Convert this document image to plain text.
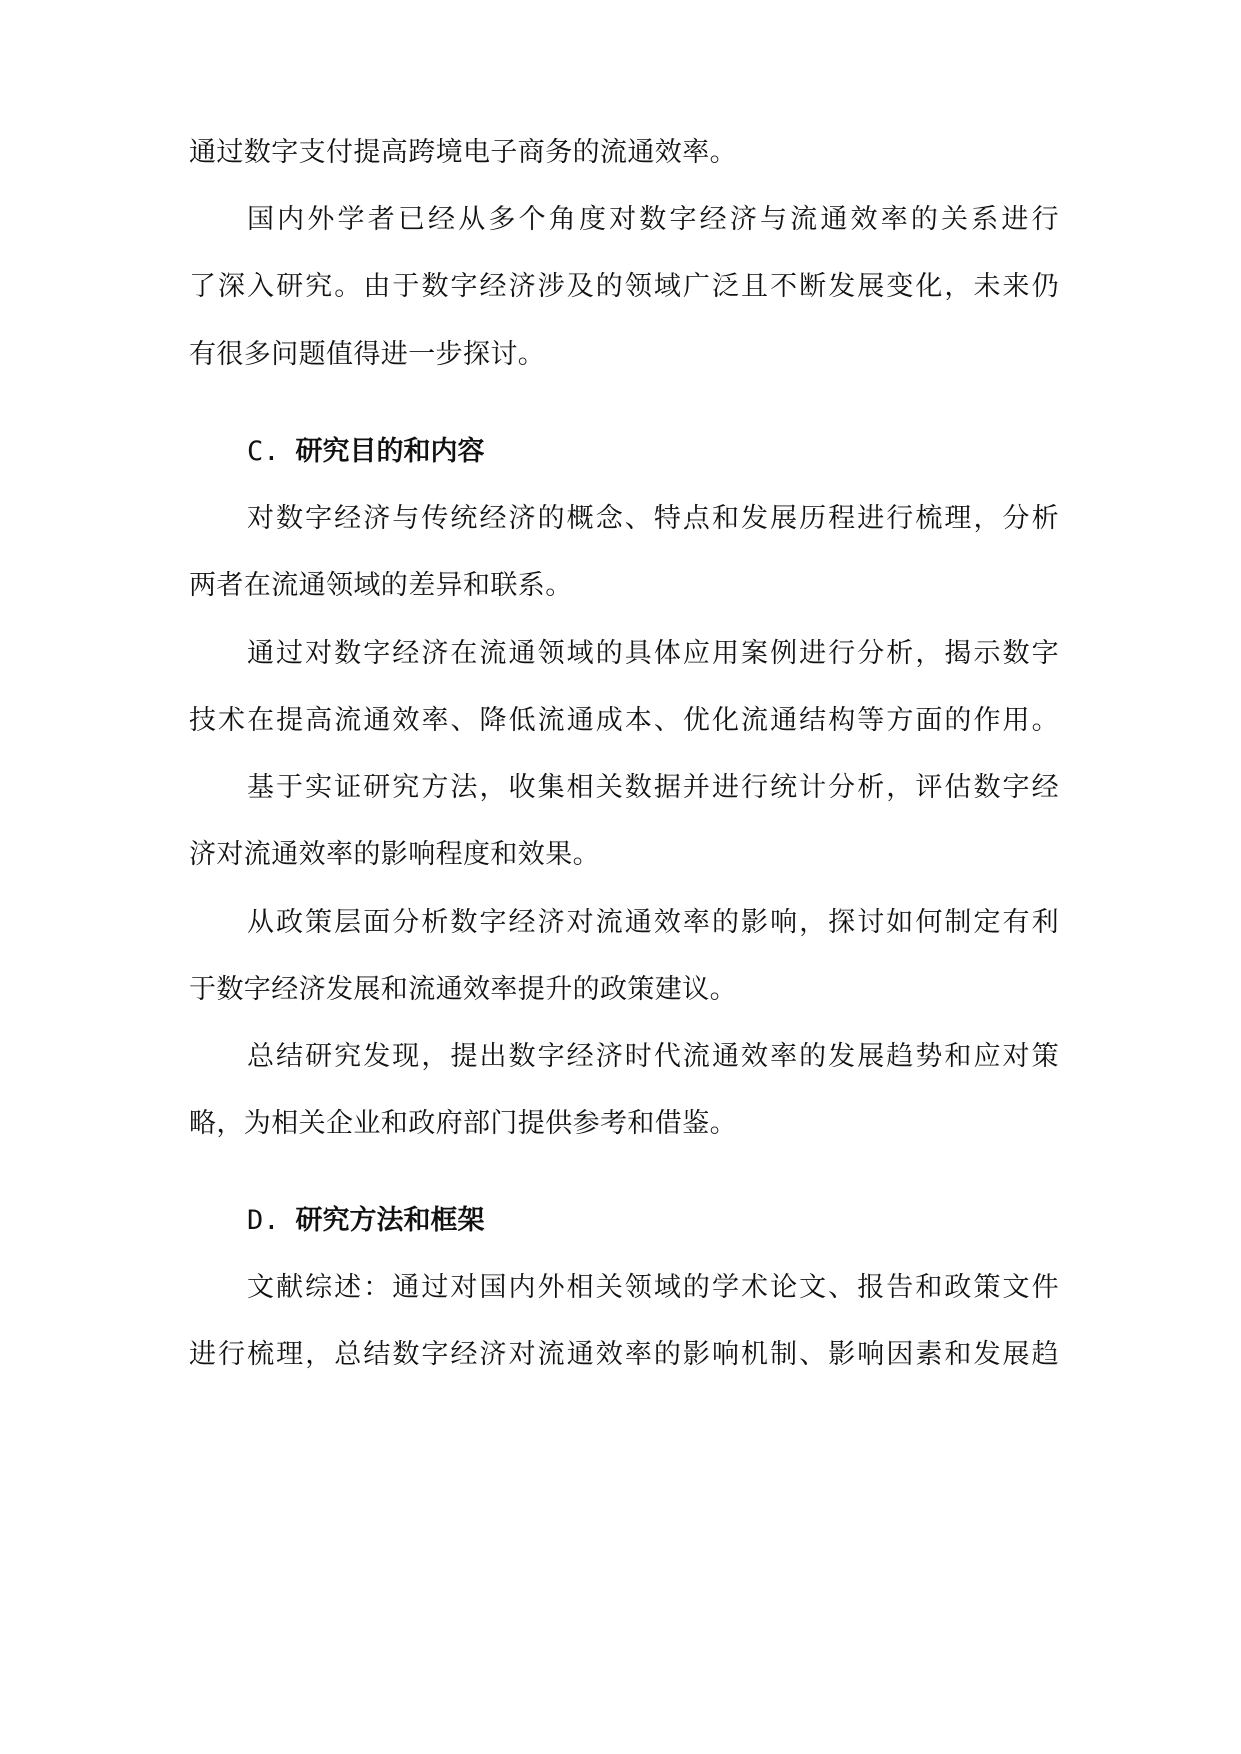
通过数字支付提高跨境电子商务的流通效率。
国内外学者已经从多个角度对数字经济与流通效率的关系进行
了深入研究。由于数字经济涉及的领域广泛且不断发展变化，未来仍
有很多问题值得进一步探讨。
C. 研究目的和内容
对数字经济与传统经济的概念、特点和发展历程进行梳理，分析
两者在流通领域的差异和联系。
通过对数字经济在流通领域的具体应用案例进行分析，揭示数字
技术在提高流通效率、降低流通成本、优化流通结构等方面的作用。
基于实证研究方法，收集相关数据并进行统计分析，评估数字经
济对流通效率的影响程度和效果。
从政策层面分析数字经济对流通效率的影响，探讨如何制定有利
于数字经济发展和流通效率提升的政策建议。
总结研究发现，提出数字经济时代流通效率的发展趋势和应对策
略，为相关企业和政府部门提供参考和借鉴。
D. 研究方法和框架
文献综述：通过对国内外相关领域的学术论文、报告和政策文件
进行梳理，总结数字经济对流通效率的影响机制、影响因素和发展趋
